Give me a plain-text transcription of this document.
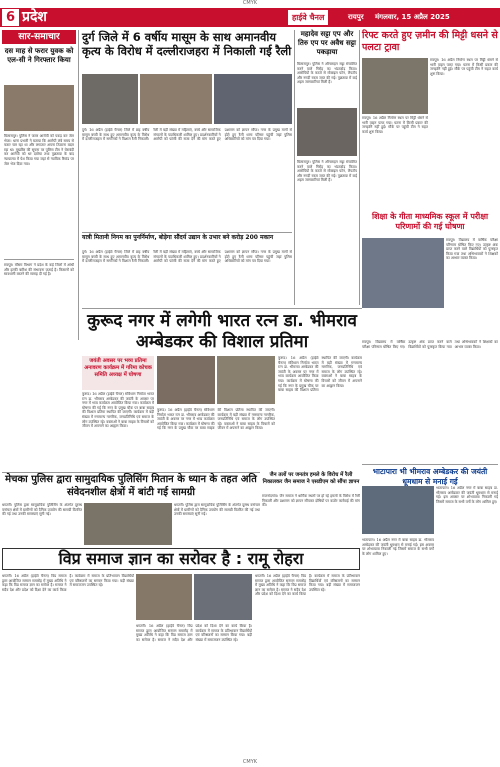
CMYK
6 प्रदेश	हाईवे चैनल	रायपुर मंगलवार, 15 अप्रैल 2025
सार-समाचार
दस माह से फरार युवक को एल-सी ने गिरफ्तार किया
बिलासपुर। पुलिस ने फरार आरोपी को पकड़ कर जेल भेजा। थाना प्रभारी ने बताया कि आरोपी लंबे समय से फरार चल रहा था और लगातार अपना ठिकाना बदल रहा था। मुखबिर की सूचना पर पुलिस टीम ने घेराबंदी कर आरोपी को धर दबोचा तथा पूछताछ के बाद न्यायालय में पेश किया गया जहां से न्यायिक रिमांड पर जेल भेज दिया गया।
रायपुर। मौसम विभाग ने प्रदेश के कई जिलों में आंधी और हल्की बारिश की संभावना जताई है। किसानों को सावधानी बरतने की सलाह दी गई है।
दुर्ग जिले में 6 वर्षीय मासूम के साथ अमानवीय कृत्य के विरोध में दल्लीराजहरा में निकाली गई रैली
दुर्ग। 16 अप्रैल (हाईवे चैनल) जिले में छह वर्षीय मासूम बच्ची के साथ हुए अमानवीय कृत्य के विरोध में दल्लीराजहरा में नागरिकों ने विशाल रैली निकाली। रैली में बड़ी संख्या में महिलाएं, बच्चे और सामाजिक संगठनों के पदाधिकारी शामिल हुए। प्रदर्शनकारियों ने आरोपी को फांसी की सजा देने की मांग करते हुए प्रशासन को ज्ञापन सौंपा। नगर के प्रमुख मार्गों से होते हुए रैली थाना परिसर पहुंची जहां पुलिस अधिकारियों को मांग पत्र दिया गया।
यात्री मितानी निगम का पुनर्निर्माण, बोड़ेगा सौंदर्य उद्यान के उभार बने करोड़ 200 मकान
दुर्ग। 16 अप्रैल (हाईवे चैनल) जिले में छह वर्षीय मासूम बच्ची के साथ हुए अमानवीय कृत्य के विरोध में दल्लीराजहरा में नागरिकों ने विशाल रैली निकाली। रैली में बड़ी संख्या में महिलाएं, बच्चे और सामाजिक संगठनों के पदाधिकारी शामिल हुए। प्रदर्शनकारियों ने आरोपी को फांसी की सजा देने की मांग करते हुए प्रशासन को ज्ञापन सौंपा। नगर के प्रमुख मार्गों से होते हुए रैली थाना परिसर पहुंची जहां पुलिस अधिकारियों को मांग पत्र दिया गया।
महादेव सट्टा एप और तिरु एप पर अवैध सट्टा पकड़ाया
बिलासपुर। पुलिस ने ऑनलाइन सट्टा संचालित करने वाले गिरोह का भंडाफोड़ किया। आरोपियों के कब्जे से मोबाइल फोन, लैपटॉप और नगदी रकम जब्त की गई। पूछताछ में कई अहम जानकारियां मिली हैं।
बिलासपुर। पुलिस ने ऑनलाइन सट्टा संचालित करने वाले गिरोह का भंडाफोड़ किया। आरोपियों के कब्जे से मोबाइल फोन, लैपटॉप और नगदी रकम जब्त की गई। पूछताछ में कई अहम जानकारियां मिली हैं।
रिफ्ट करते हुए ज़मीन की मिट्टी धसने से पलटा ट्रावा
रायपुर। 16 अप्रैल निर्माण स्थल पर मिट्टी धंसने से भारी वाहन पलट गया। घटना में किसी प्रकार की जनहानि नहीं हुई। मौके पर पहुंची टीम ने राहत कार्य शुरू किया।
रायपुर। 16 अप्रैल निर्माण स्थल पर मिट्टी धंसने से भारी वाहन पलट गया। घटना में किसी प्रकार की जनहानि नहीं हुई। मौके पर पहुंची टीम ने राहत कार्य शुरू किया।
शिक्षा के गीता माध्यमिक स्कूल में परीक्षा परिणामों की गई घोषणा
रायपुर। विद्यालय में वार्षिक परीक्षा परिणाम घोषित किए गए। उत्कृष्ट अंक प्राप्त करने वाले विद्यार्थियों को पुरस्कृत किया गया तथा अभिभावकों ने शिक्षकों का आभार व्यक्त किया।
कुरूद नगर में लगेगी भारत रत्न डा. भीमराव अम्बेडकर की विशाल प्रतिमा
जयंती अवसर पर भव्य प्रतिमा अनावरण कार्यक्रम में गरिमा कोचक समिति अध्यक्ष में घोषणा
कुरूद। 16 अप्रैल (हाईवे चैनल) संविधान निर्माता भारत रत्न डा. भीमराव अम्बेडकर की जयंती के अवसर पर नगर में भव्य कार्यक्रम आयोजित किया गया। कार्यक्रम में घोषणा की गई कि नगर के प्रमुख चौक पर बाबा साहब की विशाल प्रतिमा स्थापित की जाएगी। कार्यक्रम में बड़ी संख्या में गणमान्य नागरिक, जनप्रतिनिधि एवं समाज के लोग उपस्थित रहे। वक्ताओं ने बाबा साहब के विचारों को जीवन में अपनाने का आह्वान किया।
कुरूद। 16 अप्रैल (हाईवे चैनल) संविधान निर्माता भारत रत्न डा. भीमराव अम्बेडकर की जयंती के अवसर पर नगर में भव्य कार्यक्रम आयोजित किया गया। कार्यक्रम में घोषणा की गई कि नगर के प्रमुख चौक पर बाबा साहब की विशाल प्रतिमा स्थापित की जाएगी। कार्यक्रम में बड़ी संख्या में गणमान्य नागरिक, जनप्रतिनिधि एवं समाज के लोग उपस्थित रहे। वक्ताओं ने बाबा साहब के विचारों को जीवन में अपनाने का आह्वान किया।
कुरूद। 16 अप्रैल (हाईवे चैनल) संविधान निर्माता भारत रत्न डा. भीमराव अम्बेडकर की जयंती के अवसर पर नगर में भव्य कार्यक्रम आयोजित किया गया। कार्यक्रम में घोषणा की गई कि नगर के प्रमुख चौक पर बाबा साहब की विशाल प्रतिमा स्थापित की जाएगी। कार्यक्रम में बड़ी संख्या में गणमान्य नागरिक, जनप्रतिनिधि एवं समाज के लोग उपस्थित रहे। वक्ताओं ने बाबा साहब के विचारों को जीवन में अपनाने का आह्वान किया।
रायपुर। विद्यालय में वार्षिक परीक्षा परिणाम घोषित किए गए। उत्कृष्ट अंक प्राप्त करने वाले विद्यार्थियों को पुरस्कृत किया गया तथा अभिभावकों ने शिक्षकों का आभार व्यक्त किया।
भाटापारा भी भीमराव अम्बेडकर की जयंती धूमधाम से मनाई गई
भाटापारा। 16 अप्रैल नगर में बाबा साहब डा. भीमराव अम्बेडकर की जयंती धूमधाम से मनाई गई। इस अवसर पर शोभायात्रा निकाली गई जिसमें समाज के सभी वर्गों के लोग शामिल हुए।
भाटापारा। 16 अप्रैल नगर में बाबा साहब डा. भीमराव अम्बेडकर की जयंती धूमधाम से मनाई गई। इस अवसर पर शोभायात्रा निकाली गई जिसमें समाज के सभी वर्गों के लोग शामिल हुए।
जैन तलों पर जनतंत्र हमले के विरोध में रैली निकालकर जैन समाज ने एसडीएम को सौंपा ज्ञापन
राजनांदगांव। जैन समाज ने धार्मिक स्थलों पर हो रहे हमलों के विरोध में रैली निकाली और प्रशासन को ज्ञापन सौंपकर दोषियों पर कठोर कार्रवाई की मांग की।
मेचका पुलिस द्वारा सामुदायिक पुलिसिंग मितान के ध्यान के तहत अति संवेदनशील क्षेत्रों में बांटी गई सामग्री
धमतरी। पुलिस द्वारा सामुदायिक पुलिसिंग के अंतर्गत दूरस्थ वनांचल क्षेत्रों में ग्रामीणों को दैनिक उपयोग की सामग्री वितरित की गई तथा उनकी समस्याएं सुनी गईं।
धमतरी। पुलिस द्वारा सामुदायिक पुलिसिंग के अंतर्गत दूरस्थ वनांचल क्षेत्रों में ग्रामीणों को दैनिक उपयोग की सामग्री वितरित की गई तथा उनकी समस्याएं सुनी गईं।
विप्र समाज ज्ञान का सरोवर है : रामू रोहरा
धमतरी। 16 अप्रैल (हाईवे चैनल) विप्र समाज द्वारा आयोजित सम्मान समारोह में मुख्य अतिथि ने कहा कि विप्र समाज ज्ञान का सरोवर है। समाज ने सदैव देश और प्रदेश को दिशा देने का कार्य किया है। कार्यक्रम में समाज के प्रतिभावान विद्यार्थियों एवं वरिष्ठजनों का सम्मान किया गया। बड़ी संख्या में समाजजन उपस्थित रहे।
धमतरी। 16 अप्रैल (हाईवे चैनल) विप्र समाज द्वारा आयोजित सम्मान समारोह में मुख्य अतिथि ने कहा कि विप्र समाज ज्ञान का सरोवर है। समाज ने सदैव देश और प्रदेश को दिशा देने का कार्य किया है। कार्यक्रम में समाज के प्रतिभावान विद्यार्थियों एवं वरिष्ठजनों का सम्मान किया गया। बड़ी संख्या में समाजजन उपस्थित रहे।
धमतरी। 16 अप्रैल (हाईवे चैनल) विप्र समाज द्वारा आयोजित सम्मान समारोह में मुख्य अतिथि ने कहा कि विप्र समाज ज्ञान का सरोवर है। समाज ने सदैव देश और प्रदेश को दिशा देने का कार्य किया है। कार्यक्रम में समाज के प्रतिभावान विद्यार्थियों एवं वरिष्ठजनों का सम्मान किया गया। बड़ी संख्या में समाजजन उपस्थित रहे।
CMYK
